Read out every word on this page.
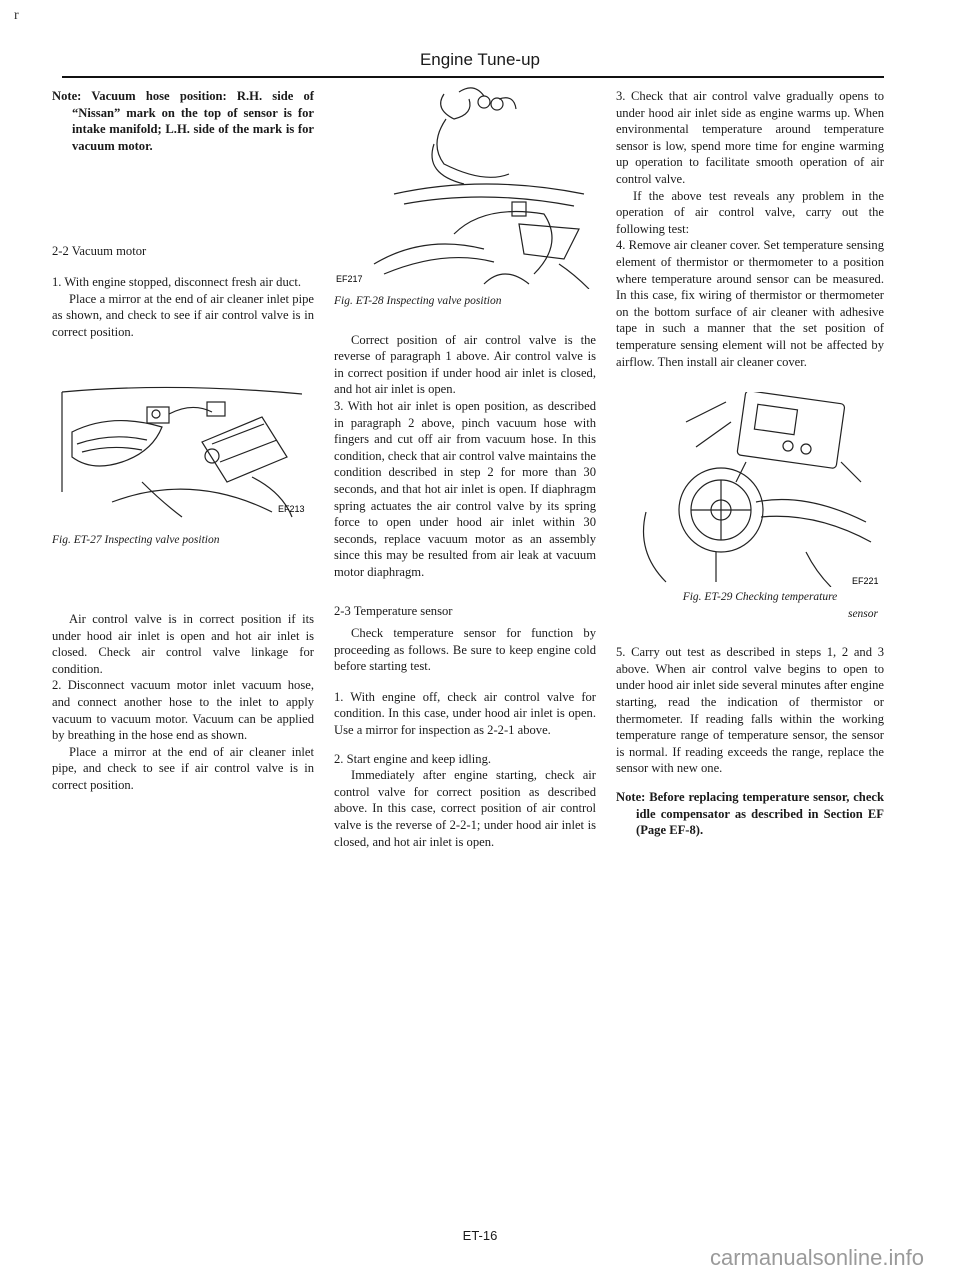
r
Engine Tune-up

Note: Vacuum hose position: R.H. side of “Nissan” mark on the top of sensor is for intake manifold; L.H. side of the mark is for vacuum motor.

2-2 Vacuum motor

1. With engine stopped, disconnect fresh air duct.

Place a mirror at the end of air cleaner inlet pipe as shown, and check to see if air control valve is in correct position.

EF213

Fig. ET-27 Inspecting valve position

Air control valve is in correct position if its under hood air inlet is open and hot air inlet is closed. Check air control valve linkage for condition.

2. Disconnect vacuum motor inlet vacuum hose, and connect another hose to the inlet to apply vacuum to vacuum motor. Vacuum can be applied by breathing in the hose end as shown.

Place a mirror at the end of air cleaner inlet pipe, and check to see if air control valve is in correct position.

EF217

Fig. ET-28 Inspecting valve position

Correct position of air control valve is the reverse of paragraph 1 above. Air control valve is in correct position if under hood air inlet is closed, and hot air inlet is open.

3. With hot air inlet is open position, as described in paragraph 2 above, pinch vacuum hose with fingers and cut off air from vacuum hose. In this condition, check that air control valve maintains the condition described in step 2 for more than 30 seconds, and that hot air inlet is open. If diaphragm spring actuates the air control valve by its spring force to open under hood air inlet within 30 seconds, replace vacuum motor as an assembly since this may be resulted from air leak at vacuum motor diaphragm.

2-3 Temperature sensor

Check temperature sensor for function by proceeding as follows. Be sure to keep engine cold before starting test.

1. With engine off, check air control valve for condition. In this case, under hood air inlet is open. Use a mirror for inspection as 2-2-1 above.

2. Start engine and keep idling.

Immediately after engine starting, check air control valve for correct position as described above. In this case, correct position of air control valve is the reverse of 2-2-1; under hood air inlet is closed, and hot air inlet is open.

3. Check that air control valve gradually opens to under hood air inlet side as engine warms up. When environmental temperature around temperature sensor is low, spend more time for engine warming up operation to facilitate smooth operation of air control valve.

If the above test reveals any problem in the operation of air control valve, carry out the following test:

4. Remove air cleaner cover. Set temperature sensing element of thermistor or thermometer to a position where temperature around sensor can be measured. In this case, fix wiring of thermistor or thermometer on the bottom surface of air cleaner with adhesive tape in such a manner that the set position of temperature sensing element will not be affected by airflow. Then install air cleaner cover.

EF221

Fig. ET-29 Checking temperature

sensor

5. Carry out test as described in steps 1, 2 and 3 above. When air control valve begins to open to under hood air inlet side several minutes after engine starting, read the indication of thermistor or thermometer. If reading falls within the working temperature range of temperature sensor, the sensor is normal. If reading exceeds the range, replace the sensor with new one.

Note: Before replacing temperature sensor, check idle compensator as described in Section EF (Page EF-8).

ET-16
carmanualsonline.info
